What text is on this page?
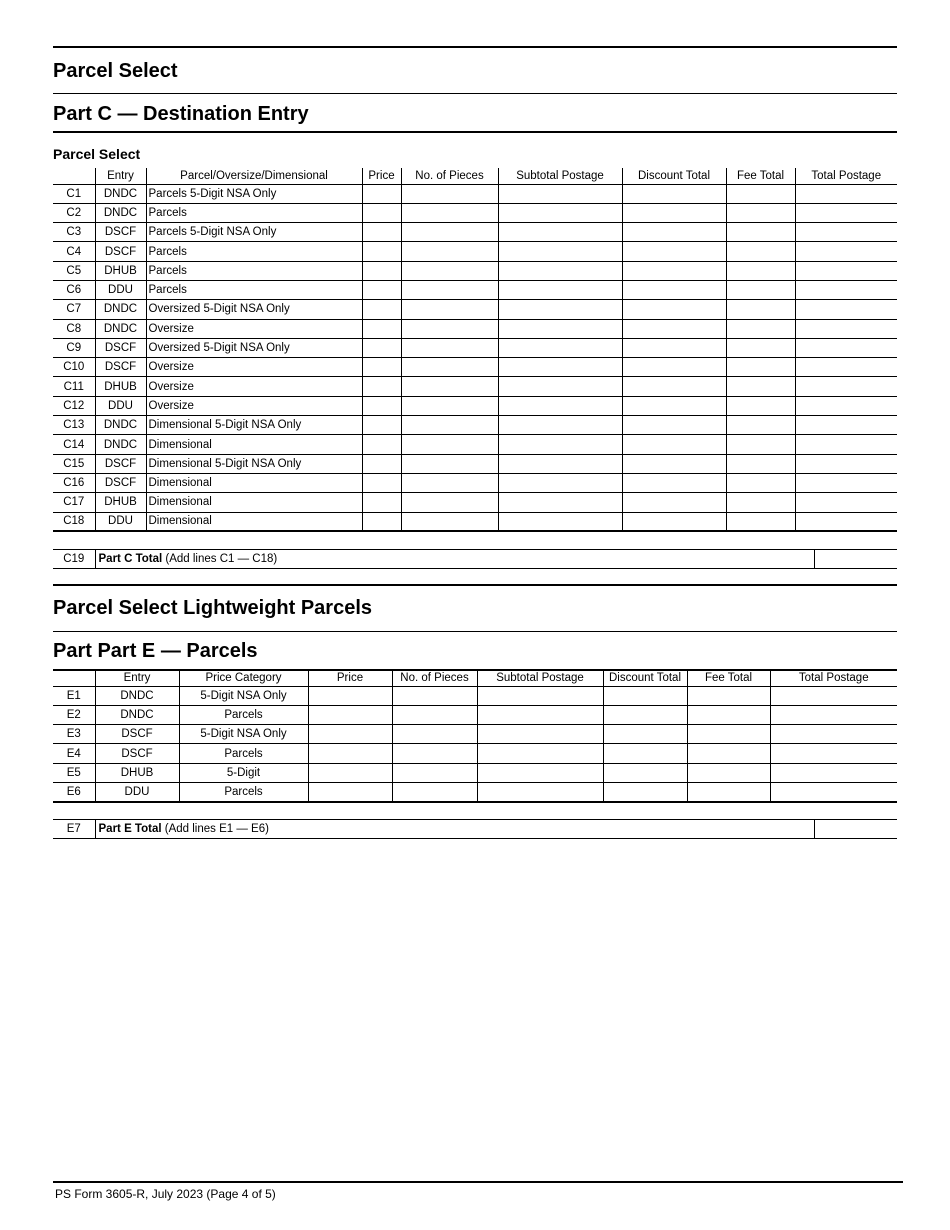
Parcel Select
Part C — Destination Entry
Parcel Select
	Entry	Parcel/Oversize/Dimensional	Price	No. of Pieces	Subtotal Postage	Discount Total	Fee Total	Total Postage
C1	DNDC	Parcels 5-Digit NSA Only						
C2	DNDC	Parcels						
C3	DSCF	Parcels 5-Digit NSA Only						
C4	DSCF	Parcels						
C5	DHUB	Parcels						
C6	DDU	Parcels						
C7	DNDC	Oversized 5-Digit NSA Only						
C8	DNDC	Oversize						
C9	DSCF	Oversized 5-Digit NSA Only						
C10	DSCF	Oversize						
C11	DHUB	Oversize						
C12	DDU	Oversize						
C13	DNDC	Dimensional 5-Digit NSA Only						
C14	DNDC	Dimensional						
C15	DSCF	Dimensional 5-Digit NSA Only						
C16	DSCF	Dimensional						
C17	DHUB	Dimensional						
C18	DDU	Dimensional						
C19	Part C Total (Add lines C1 — C18)	
Parcel Select Lightweight Parcels
Part Part E — Parcels
	Entry	Price Category	Price	No. of Pieces	Subtotal Postage	Discount Total	Fee Total	Total Postage
E1	DNDC	5-Digit NSA Only						
E2	DNDC	Parcels						
E3	DSCF	5-Digit NSA Only						
E4	DSCF	Parcels						
E5	DHUB	5-Digit						
E6	DDU	Parcels						
E7	Part E Total (Add lines E1 — E6)	
PS Form 3605-R, July 2023 (Page 4 of 5)
